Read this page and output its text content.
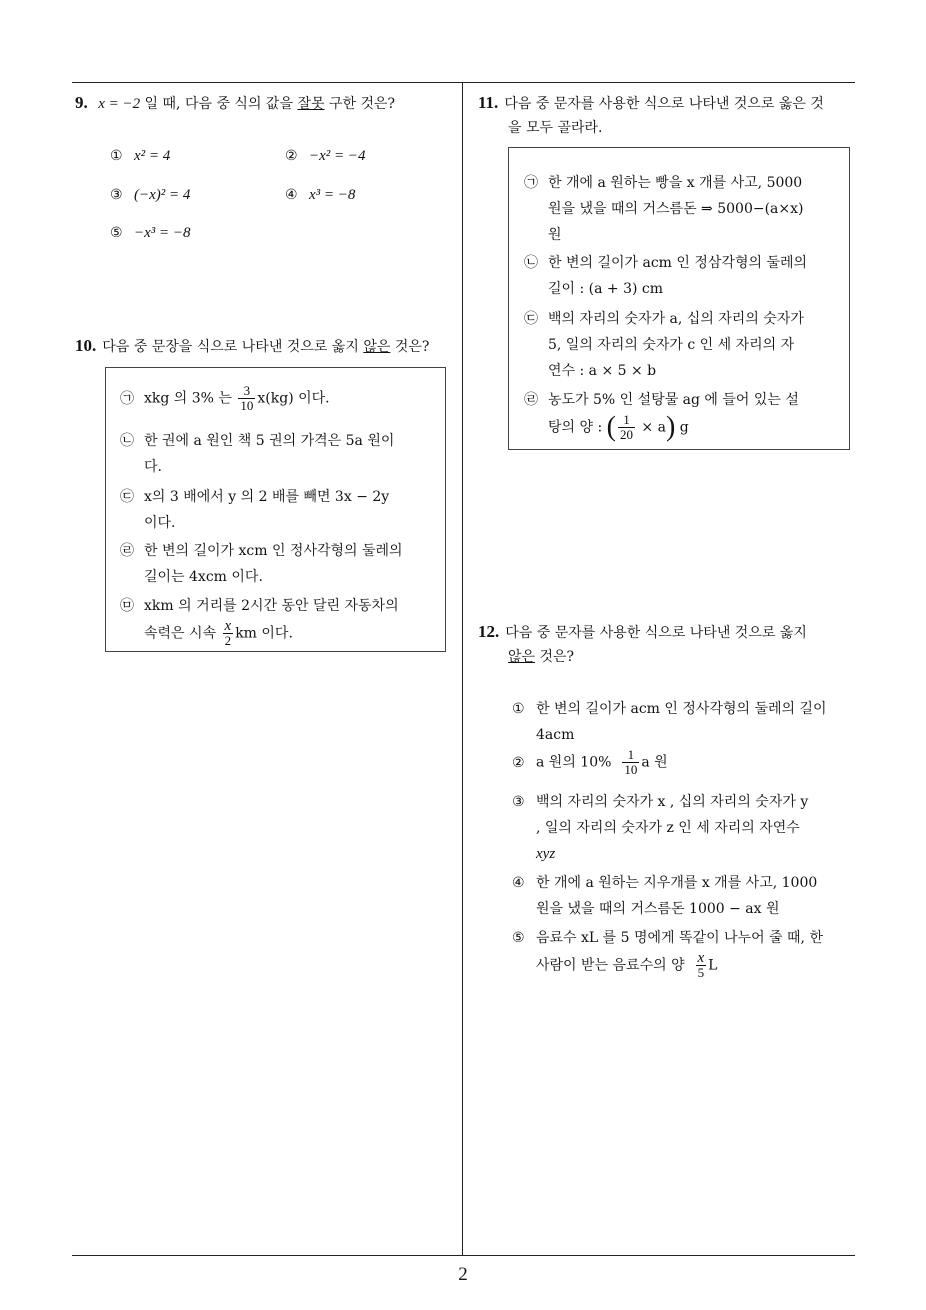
9. x = −2 일 때, 다음 중 식의 값을 잘못 구한 것은?
① x² = 4	② −x² = −4
③ (−x)² = 4	④ x³ = −8
⑤ −x³ = −8
10. 다음 중 문장을 식으로 나타낸 것으로 옳지 않은 것은?
㉠ xkg 의 3% 는 $\frac{3}{10} x(kg)$ 이다.
㉡ 한 권에 a 원인 책 5 권의 가격은 5a 원이
다.
㉢ x의 3 배에서 y 의 2 배를 빼면 3x − 2y
이다.
㉣ 한 변의 길이가 xcm 인 정사각형의 둘레의
길이는 4xcm 이다.
㉤ xkm 의 거리를 2시간 동안 달린 자동차의
속력은 시속 $\frac{x}{2}$ km 이다.
11. 다음 중 문자를 사용한 식으로 나타낸 것으로 옳은 것
을 모두 골라라.
㉠ 한 개에 a 원하는 빵을 x 개를 사고, 5000
원을 냈을 때의 거스름돈 ⇒ 5000−(a×x)
원
㉡ 한 변의 길이가 acm 인 정삼각형의 둘레의
길이 : (a + 3) cm
㉢ 백의 자리의 숫자가 a, 십의 자리의 숫자가
5, 일의 자리의 숫자가 c 인 세 자리의 자
연수 : a × 5 × b
㉣ 농도가 5% 인 설탕물 ag 에 들어 있는 설
탕의 양 : ( $\frac{1}{20} \times a$) g
12. 다음 중 문자를 사용한 식으로 나타낸 것으로 옳지
않은 것은?
① 한 변의 길이가 acm 인 정사각형의 둘레의 길이
4acm
② a 원의 $10\% \frac{1}{10}$ a 원
③ 백의 자리의 숫자가 x , 십의 자리의 숫자가 y
, 일의 자리의 숫자가 z 인 세 자리의 자연수
xyz
④ 한 개에 a 원하는 지우개를 x 개를 사고, 1000
원을 냈을 때의 거스름돈 1000 − ax 원
⑤ 음료수 xL 를 5 명에게 똑같이 나누어 줄 때, 한
사람이 받는 음료수의 양 $\frac{x}{5}$ L
2
